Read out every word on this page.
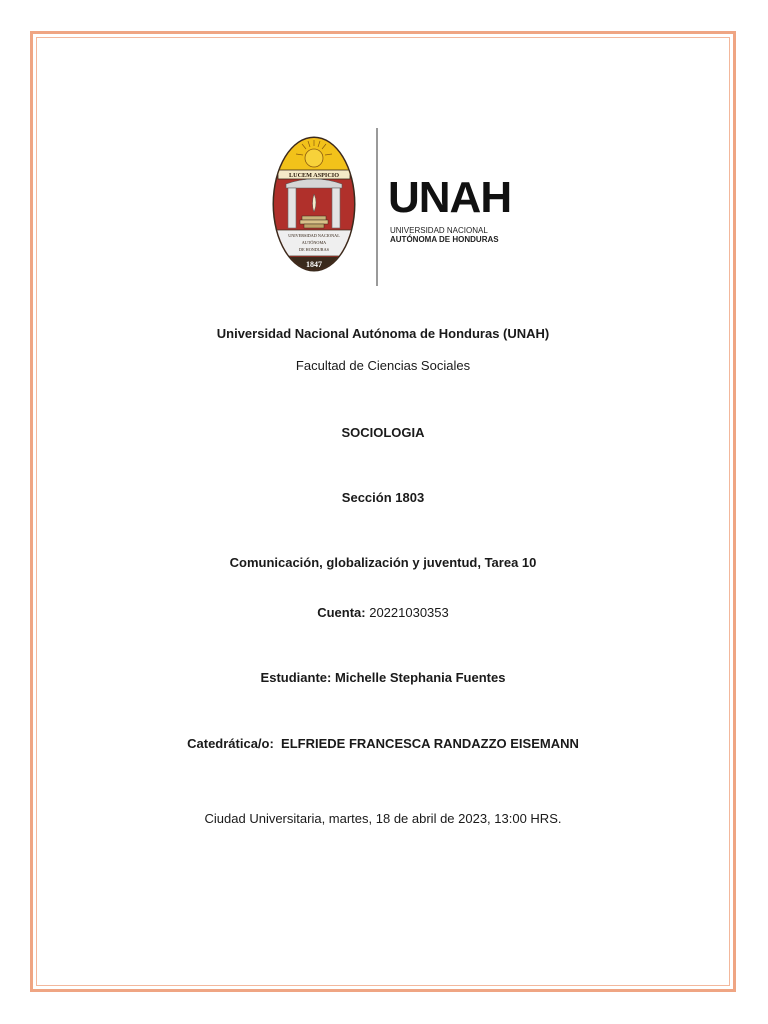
LUCEM ASPICIO
UNIVERSIDAD NACIONAL
AUTÓNOMA
DE HONDURAS
1847
UNAH
UNIVERSIDAD NACIONAL
AUTÓNOMA DE HONDURAS
Universidad Nacional Autónoma de Honduras (UNAH)
Facultad de Ciencias Sociales
SOCIOLOGIA
Sección 1803
Comunicación, globalización y juventud, Tarea 10
Cuenta: 20221030353
Estudiante: Michelle Stephania Fuentes
Catedrática/o:  ELFRIEDE FRANCESCA RANDAZZO EISEMANN
Ciudad Universitaria, martes, 18 de abril de 2023, 13:00 HRS.
